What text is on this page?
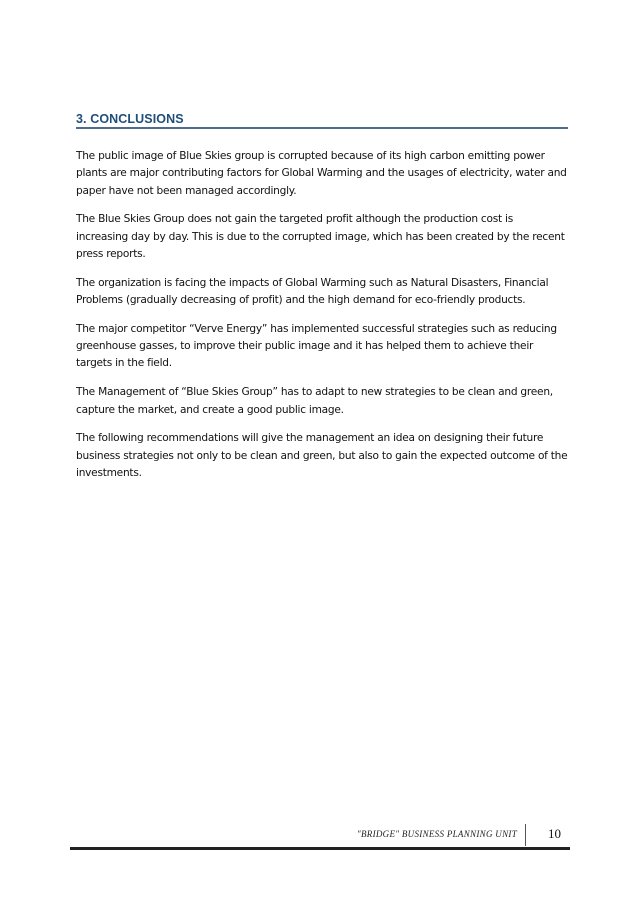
3. CONCLUSIONS

The public image of Blue Skies group is corrupted because of its high carbon emitting power plants are major contributing factors for Global Warming and the usages of electricity, water and paper have not been managed accordingly.

The Blue Skies Group does not gain the targeted profit although the production cost is increasing day by day. This is due to the corrupted image, which has been created by the recent press reports.

The organization is facing the impacts of Global Warming such as Natural Disasters, Financial Problems (gradually decreasing of profit) and the high demand for eco-friendly products.

The major competitor “Verve Energy” has implemented successful strategies such as reducing greenhouse gasses, to improve their public image and it has helped them to achieve their targets in the field.

The Management of “Blue Skies Group” has to adapt to new strategies to be clean and green, capture the market, and create a good public image.

The following recommendations will give the management an idea on designing their future business strategies not only to be clean and green, but also to gain the expected outcome of the investments.

"BRIDGE" BUSINESS PLANNING UNIT 10
